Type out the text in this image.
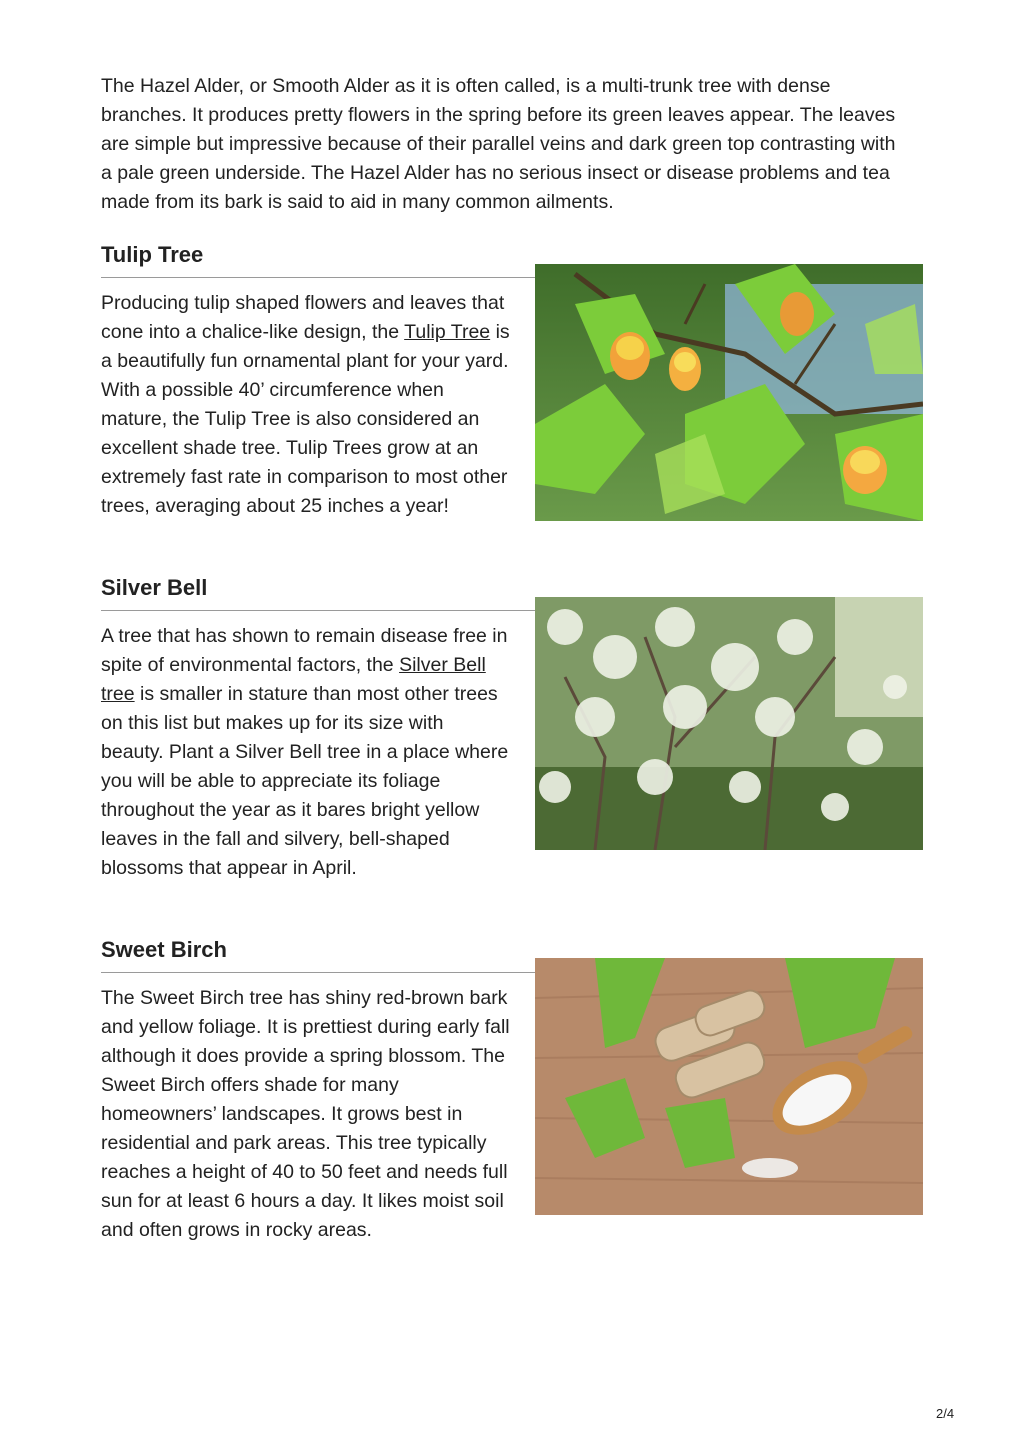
The Hazel Alder, or Smooth Alder as it is often called, is a multi-trunk tree with dense branches. It produces pretty flowers in the spring before its green leaves appear. The leaves are simple but impressive because of their parallel veins and dark green top contrasting with a pale green underside. The Hazel Alder has no serious insect or disease problems and tea made from its bark is said to aid in many common ailments.

Tulip Tree

Producing tulip shaped flowers and leaves that cone into a chalice-like design, the Tulip Tree is a beautifully fun ornamental plant for your yard. With a possible 40’ circumference when mature, the Tulip Tree is also considered an excellent shade tree. Tulip Trees grow at an extremely fast rate in comparison to most other trees, averaging about 25 inches a year!

Silver Bell

A tree that has shown to remain disease free in spite of environmental factors, the Silver Bell tree is smaller in stature than most other trees on this list but makes up for its size with beauty. Plant a Silver Bell tree in a place where you will be able to appreciate its foliage throughout the year as it bares bright yellow leaves in the fall and silvery, bell-shaped blossoms that appear in April.

Sweet Birch

The Sweet Birch tree has shiny red-brown bark and yellow foliage. It is prettiest during early fall although it does provide a spring blossom. The Sweet Birch offers shade for many homeowners’ landscapes. It grows best in residential and park areas. This tree typically reaches a height of 40 to 50 feet and needs full sun for at least 6 hours a day. It likes moist soil and often grows in rocky areas.

2/4
